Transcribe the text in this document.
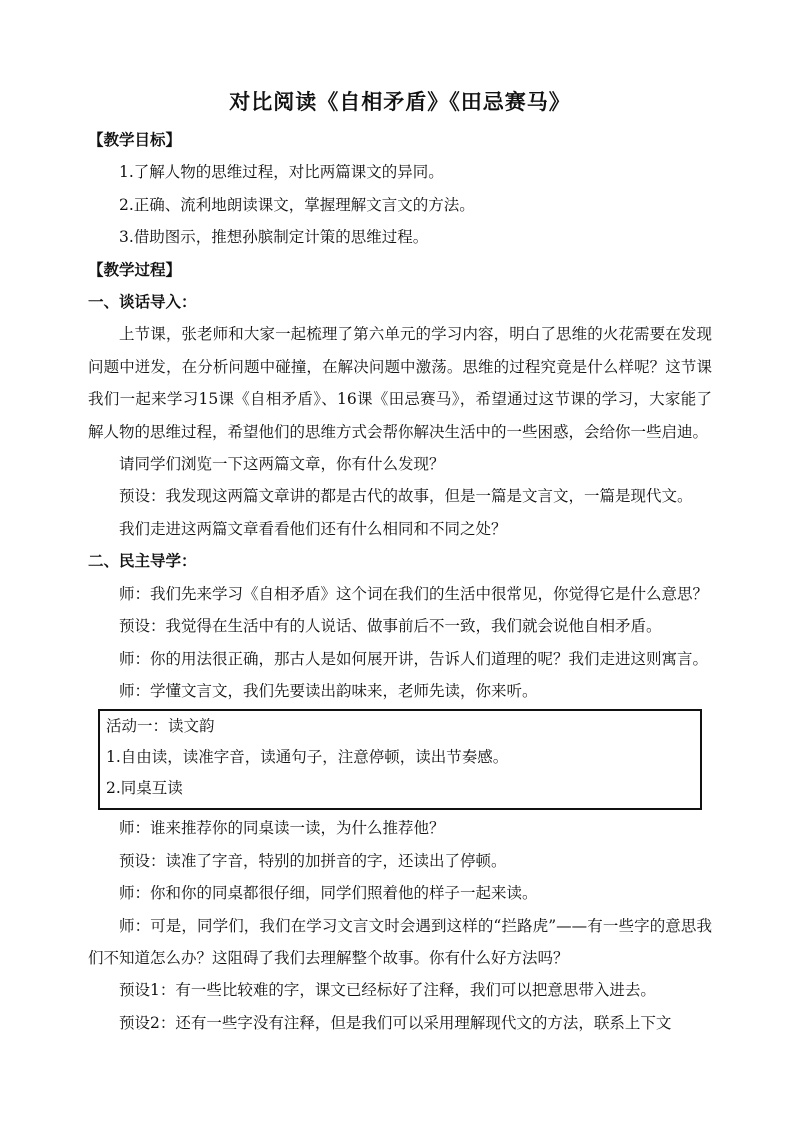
对比阅读《自相矛盾》《田忌赛马》

【教学目标】

1.了解人物的思维过程，对比两篇课文的异同。

2.正确、流利地朗读课文，掌握理解文言文的方法。

3.借助图示，推想孙膑制定计策的思维过程。

【教学过程】

一、谈话导入：

上节课，张老师和大家一起梳理了第六单元的学习内容，明白了思维的火花需要在发现问题中迸发，在分析问题中碰撞，在解决问题中激荡。思维的过程究竟是什么样呢？这节课我们一起来学习15课《自相矛盾》、16课《田忌赛马》，希望通过这节课的学习，大家能了解人物的思维过程，希望他们的思维方式会帮你解决生活中的一些困惑，会给你一些启迪。

请同学们浏览一下这两篇文章，你有什么发现？

预设：我发现这两篇文章讲的都是古代的故事，但是一篇是文言文，一篇是现代文。

我们走进这两篇文章看看他们还有什么相同和不同之处？

二、民主导学：

师：我们先来学习《自相矛盾》这个词在我们的生活中很常见，你觉得它是什么意思？

预设：我觉得在生活中有的人说话、做事前后不一致，我们就会说他自相矛盾。

师：你的用法很正确，那古人是如何展开讲，告诉人们道理的呢？我们走进这则寓言。

师：学懂文言文，我们先要读出韵味来，老师先读，你来听。

活动一：读文韵

1.自由读，读准字音，读通句子，注意停顿，读出节奏感。

2.同桌互读

师：谁来推荐你的同桌读一读，为什么推荐他？

预设：读准了字音，特别的加拼音的字，还读出了停顿。

师：你和你的同桌都很仔细，同学们照着他的样子一起来读。

师：可是，同学们，我们在学习文言文时会遇到这样的“拦路虎”——有一些字的意思我们不知道怎么办？这阻碍了我们去理解整个故事。你有什么好方法吗？

预设1：有一些比较难的字，课文已经标好了注释，我们可以把意思带入进去。

预设2：还有一些字没有注释，但是我们可以采用理解现代文的方法，联系上下文
